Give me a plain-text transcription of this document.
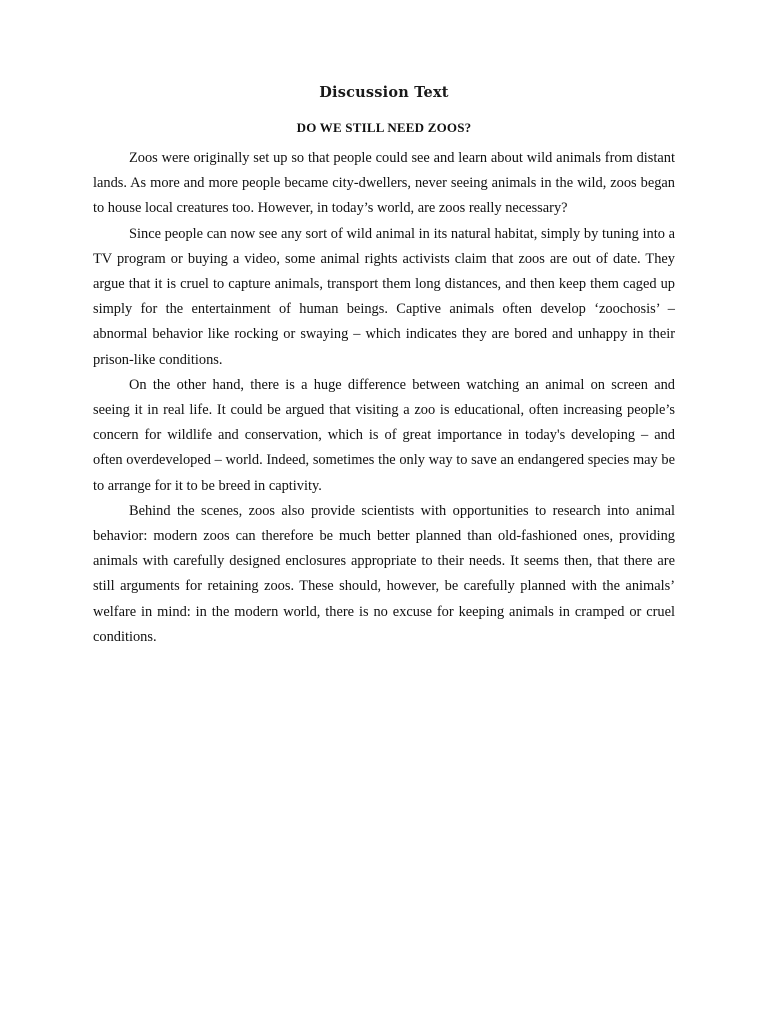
Discussion Text
DO WE STILL NEED ZOOS?

Zoos were originally set up so that people could see and learn about wild animals from distant lands. As more and more people became city-dwellers, never seeing animals in the wild, zoos began to house local creatures too. However, in today’s world, are zoos really necessary?

Since people can now see any sort of wild animal in its natural habitat, simply by tuning into a TV program or buying a video, some animal rights activists claim that zoos are out of date. They argue that it is cruel to capture animals, transport them long distances, and then keep them caged up simply for the entertainment of human beings. Captive animals often develop ‘zoochosis’ – abnormal behavior like rocking or swaying – which indicates they are bored and unhappy in their prison-like conditions.

On the other hand, there is a huge difference between watching an animal on screen and seeing it in real life. It could be argued that visiting a zoo is educational, often increasing people’s concern for wildlife and conservation, which is of great importance in today's developing – and often overdeveloped – world. Indeed, sometimes the only way to save an endangered species may be to arrange for it to be breed in captivity.

Behind the scenes, zoos also provide scientists with opportunities to research into animal behavior: modern zoos can therefore be much better planned than old-fashioned ones, providing animals with carefully designed enclosures appropriate to their needs. It seems then, that there are still arguments for retaining zoos. These should, however, be carefully planned with the animals’ welfare in mind: in the modern world, there is no excuse for keeping animals in cramped or cruel conditions.
